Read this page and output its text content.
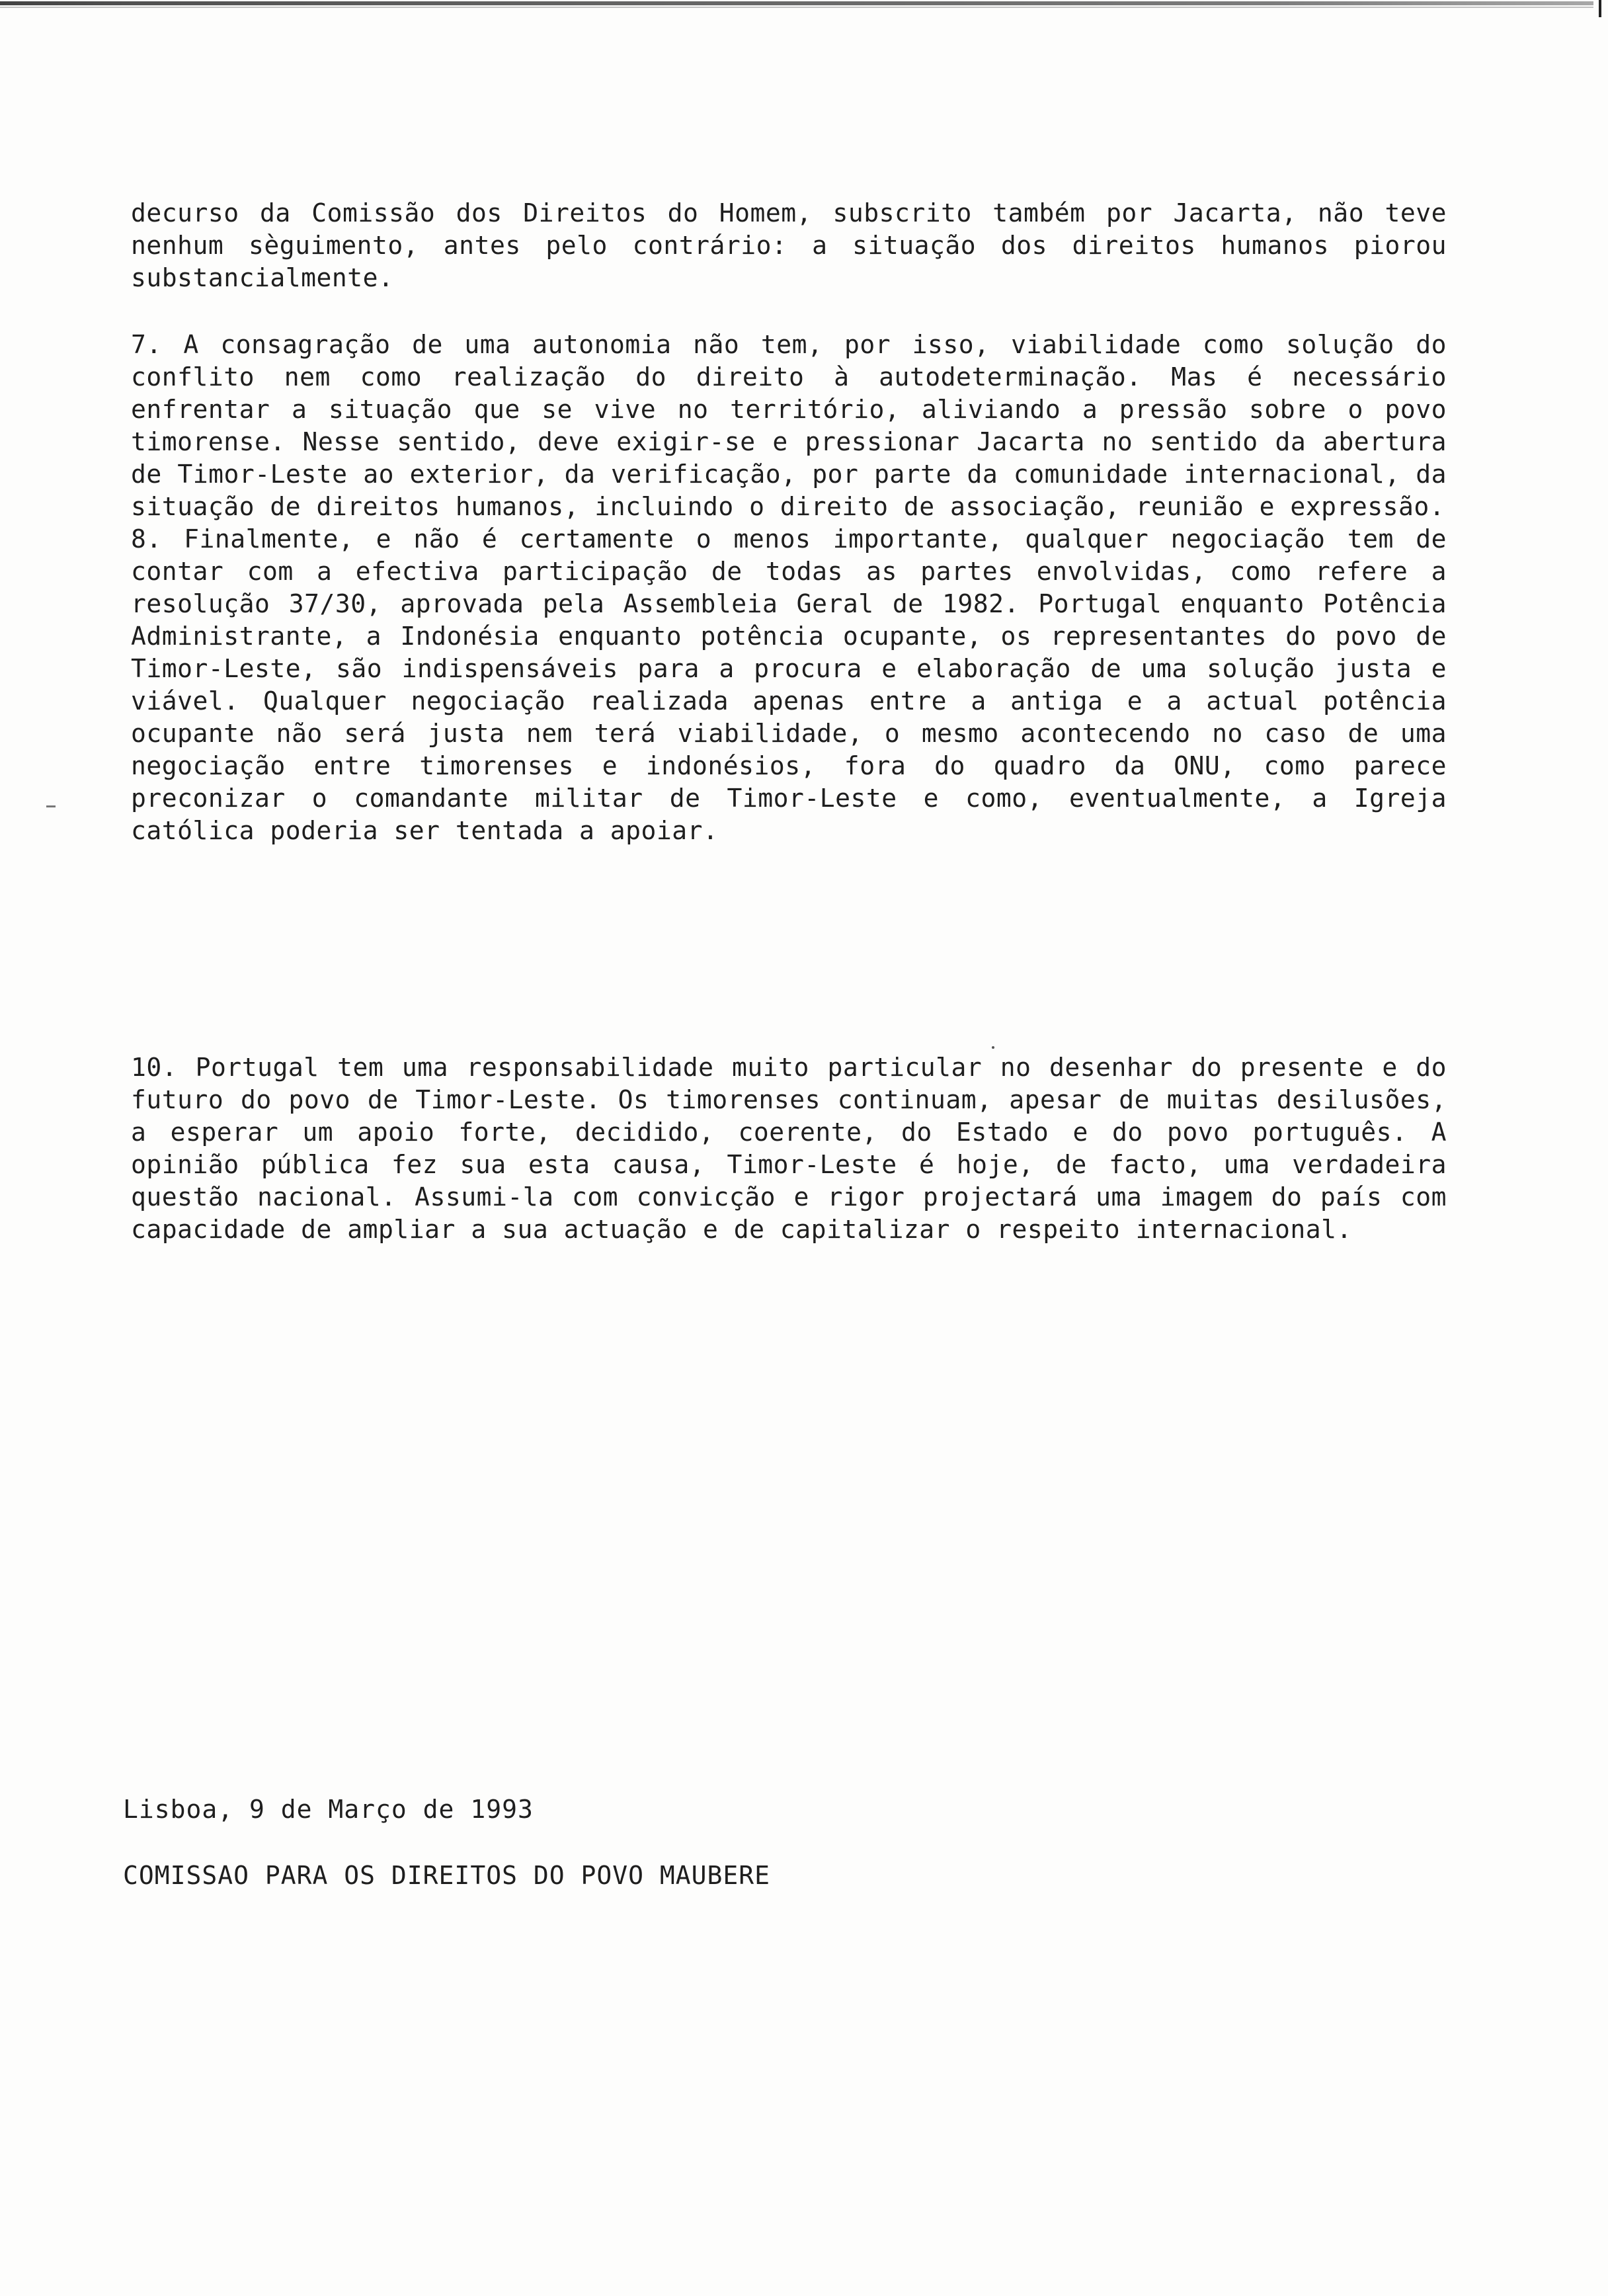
decurso da Comissão dos Direitos do Homem, subscrito também por Jacarta, não teve nenhum sèguimento, antes pelo contrário: a situação dos direitos humanos piorou substancialmente.

7. A consagração de uma autonomia não tem, por isso, viabilidade como solução do conflito nem como realização do direito à autodeterminação. Mas é necessário enfrentar a situação que se vive no território, aliviando a pressão sobre o povo timorense. Nesse sentido, deve exigir-se e pressionar Jacarta no sentido da abertura de Timor-Leste ao exterior, da verificação, por parte da comunidade internacional, da situação de direitos humanos, incluindo o direito de associação, reunião e expressão.

8. Finalmente, e não é certamente o menos importante, qualquer negociação tem de contar com a efectiva participação de todas as partes envolvidas, como refere a resolução 37/30, aprovada pela Assembleia Geral de 1982. Portugal enquanto Potência Administrante, a Indonésia enquanto potência ocupante, os representantes do povo de Timor-Leste, são indispensáveis para a procura e elaboração de uma solução justa e viável. Qualquer negociação realizada apenas entre a antiga e a actual potência ocupante não será justa nem terá viabilidade, o mesmo acontecendo no caso de uma negociação entre timorenses e indonésios, fora do quadro da ONU, como parece preconizar o comandante militar de Timor-Leste e como, eventualmente, a Igreja católica poderia ser tentada a apoiar.

10. Portugal tem uma responsabilidade muito particular no desenhar do presente e do futuro do povo de Timor-Leste. Os timorenses continuam, apesar de muitas desilusões, a esperar um apoio forte, decidido, coerente, do Estado e do povo português. A opinião pública fez sua esta causa, Timor-Leste é hoje, de facto, uma verdadeira questão nacional. Assumi-la com convicção e rigor projectará uma imagem do país com capacidade de ampliar a sua actuação e de capitalizar o respeito internacional.

Lisboa, 9 de Março de 1993
COMISSAO PARA OS DIREITOS DO POVO MAUBERE
